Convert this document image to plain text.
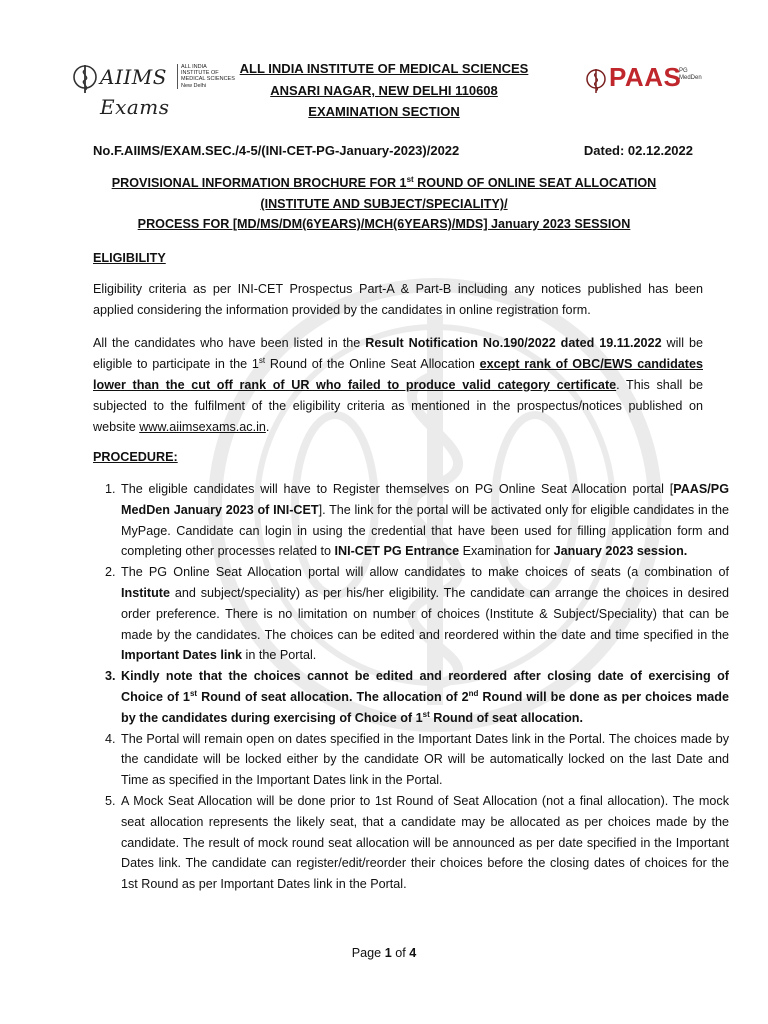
AIIMS Exams
ALL INDIA INSTITUTE OF MEDICAL SCIENCES New Delhi	PAAS
PG MedDen
ALL INDIA INSTITUTE OF MEDICAL SCIENCES
ANSARI NAGAR, NEW DELHI 110608
EXAMINATION SECTION
No.F.AIIMS/EXAM.SEC./4-5/(INI-CET-PG-January-2023)/2022	Dated: 02.12.2022
PROVISIONAL INFORMATION BROCHURE FOR 1st ROUND OF ONLINE SEAT ALLOCATION
(INSTITUTE AND SUBJECT/SPECIALITY)/
PROCESS FOR [MD/MS/DM(6YEARS)/MCH(6YEARS)/MDS] January 2023 SESSION
ELIGIBILITY

Eligibility criteria as per INI-CET Prospectus Part-A & Part-B including any notices published has been applied considering the information provided by the candidates in online registration form.

All the candidates who have been listed in the Result Notification No.190/2022 dated 19.11.2022 will be eligible to participate in the 1st Round of the Online Seat Allocation except rank of OBC/EWS candidates lower than the cut off rank of UR who failed to produce valid category certificate. This shall be subjected to the fulfilment of the eligibility criteria as mentioned in the prospectus/notices published on website www.aiimsexams.ac.in.

PROCEDURE:
1. The eligible candidates will have to Register themselves on PG Online Seat Allocation portal [PAAS/PG MedDen January 2023 of INI-CET]. The link for the portal will be activated only for eligible candidates in the MyPage. Candidate can login in using the credential that have been used for filling application form and completing other processes related to INI-CET PG Entrance Examination for January 2023 session.
2. The PG Online Seat Allocation portal will allow candidates to make choices of seats (a combination of Institute and subject/speciality) as per his/her eligibility. The candidate can arrange the choices in desired order preference. There is no limitation on number of choices (Institute & Subject/Speciality) that can be made by the candidates. The choices can be edited and reordered within the date and time specified in the Important Dates link in the Portal.
3. Kindly note that the choices cannot be edited and reordered after closing date of exercising of Choice of 1st Round of seat allocation. The allocation of 2nd Round will be done as per choices made by the candidates during exercising of Choice of 1st Round of seat allocation.
4. The Portal will remain open on dates specified in the Important Dates link in the Portal. The choices made by the candidate will be locked either by the candidate OR will be automatically locked on the last Date and Time as specified in the Important Dates link in the Portal.
5. A Mock Seat Allocation will be done prior to 1st Round of Seat Allocation (not a final allocation). The mock seat allocation represents the likely seat, that a candidate may be allocated as per choices made by the candidate. The result of mock round seat allocation will be announced as per date specified in the Important Dates link. The candidate can register/edit/reorder their choices before the closing dates of choices for the 1st Round as per Important Dates link in the Portal.
Page 1 of 4
